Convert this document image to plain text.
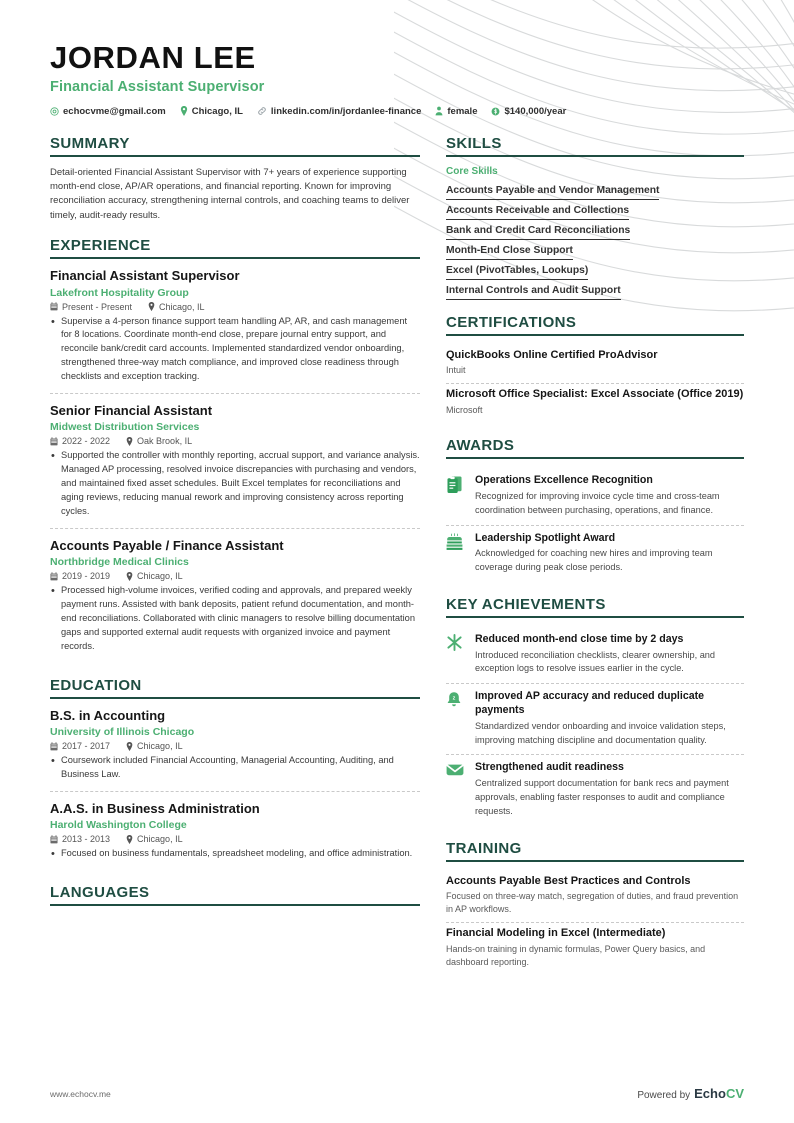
JORDAN LEE
Financial Assistant Supervisor
echocvme@gmail.com	Chicago, IL	linkedin.com/in/jordanlee-finance	female	$140,000/year
SUMMARY
Detail-oriented Financial Assistant Supervisor with 7+ years of experience supporting month-end close, AP/AR operations, and financial reporting. Known for improving reconciliation accuracy, strengthening internal controls, and coaching teams to deliver timely, audit-ready results.
EXPERIENCE
Financial Assistant Supervisor
Lakefront Hospitality Group
Present - Present	Chicago, IL
• Supervise a 4-person finance support team handling AP, AR, and cash management for 8 locations. Coordinate month-end close, prepare journal entry support, and reconcile bank/credit card accounts. Implemented standardized vendor onboarding, strengthened three-way match compliance, and improved close readiness through checklists and exception tracking.
Senior Financial Assistant
Midwest Distribution Services
2022 - 2022	Oak Brook, IL
• Supported the controller with monthly reporting, accrual support, and variance analysis. Managed AP processing, resolved invoice discrepancies with purchasing and vendors, and maintained fixed asset schedules. Built Excel templates for reconciliations and aging reviews, reducing manual rework and improving consistency across reporting cycles.
Accounts Payable / Finance Assistant
Northbridge Medical Clinics
2019 - 2019	Chicago, IL
• Processed high-volume invoices, verified coding and approvals, and prepared weekly payment runs. Assisted with bank deposits, patient refund documentation, and month-end reconciliations. Collaborated with clinic managers to resolve billing documentation gaps and supported external audit requests with organized invoice and payment records.
EDUCATION
B.S. in Accounting
University of Illinois Chicago
2017 - 2017	Chicago, IL
• Coursework included Financial Accounting, Managerial Accounting, Auditing, and Business Law.
A.A.S. in Business Administration
Harold Washington College
2013 - 2013	Chicago, IL
• Focused on business fundamentals, spreadsheet modeling, and office administration.
LANGUAGES
SKILLS
Core Skills
Accounts Payable and Vendor Management
Accounts Receivable and Collections
Bank and Credit Card Reconciliations
Month-End Close Support
Excel (PivotTables, Lookups)
Internal Controls and Audit Support
CERTIFICATIONS
QuickBooks Online Certified ProAdvisor
Intuit
Microsoft Office Specialist: Excel Associate (Office 2019)
Microsoft
AWARDS
Operations Excellence Recognition
Recognized for improving invoice cycle time and cross-team coordination between purchasing, operations, and finance.
Leadership Spotlight Award
Acknowledged for coaching new hires and improving team coverage during peak close periods.
KEY ACHIEVEMENTS
Reduced month-end close time by 2 days
Introduced reconciliation checklists, clearer ownership, and exception logs to resolve issues earlier in the cycle.
z Improved AP accuracy and reduced duplicate payments
Standardized vendor onboarding and invoice validation steps, improving matching discipline and documentation quality.
Strengthened audit readiness
Centralized support documentation for bank recs and payment approvals, enabling faster responses to audit and compliance requests.
TRAINING
Accounts Payable Best Practices and Controls
Focused on three-way match, segregation of duties, and fraud prevention in AP workflows.
Financial Modeling in Excel (Intermediate)
Hands-on training in dynamic formulas, Power Query basics, and dashboard reporting.
www.echocv.me	Powered by EchoCV
